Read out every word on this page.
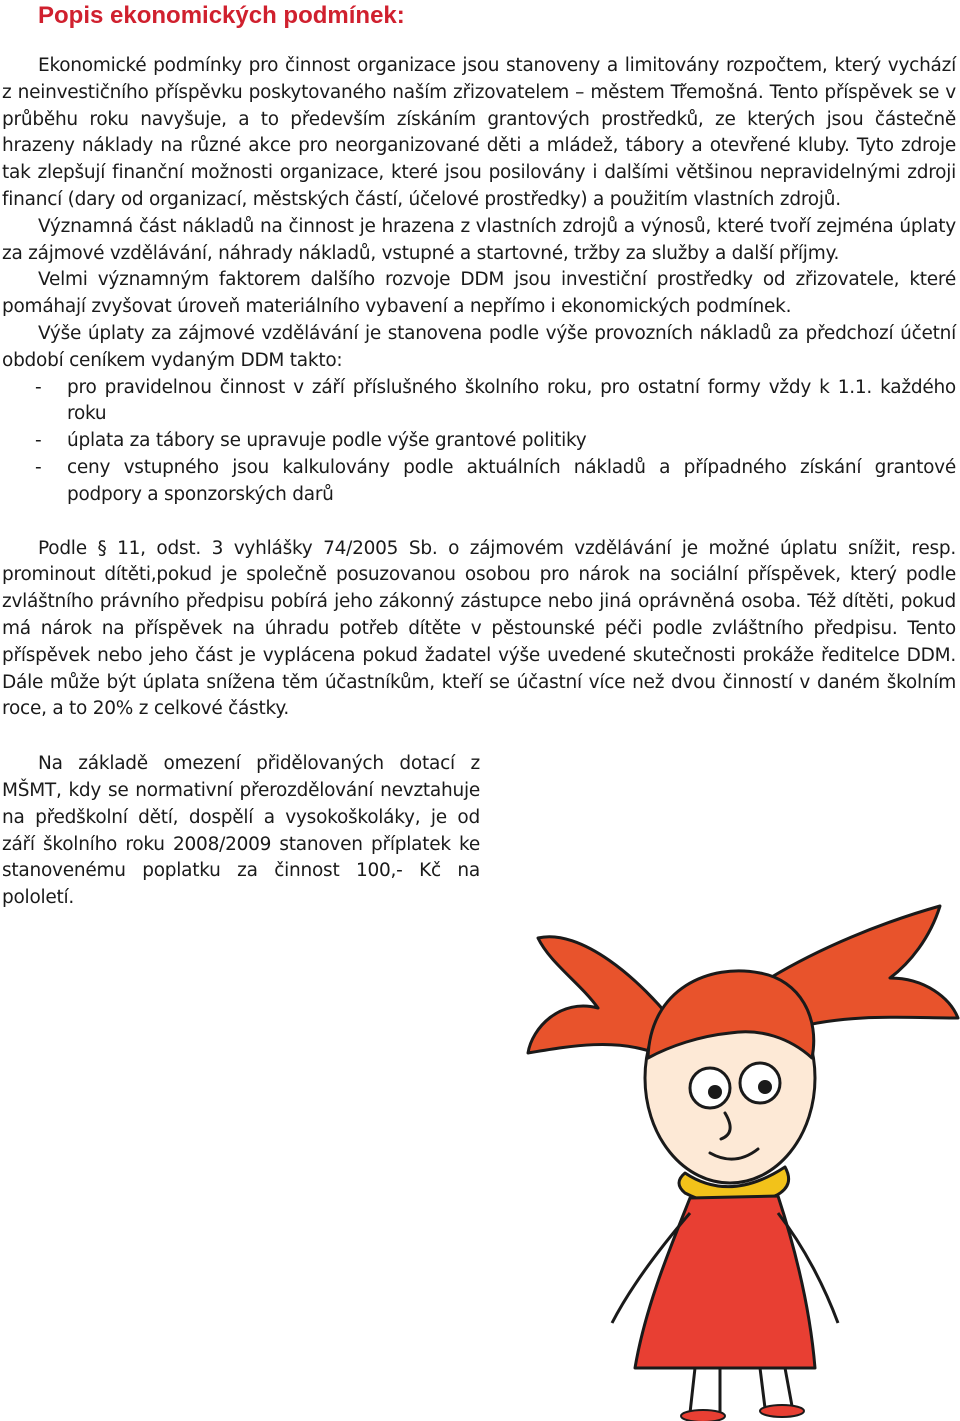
Popis ekonomických podmínek:

Ekonomické podmínky pro činnost organizace jsou stanoveny a limitovány rozpočtem, který vychází z neinvestičního příspěvku poskytovaného naším zřizovatelem – městem Třemošná. Tento příspěvek se v průběhu roku navyšuje, a to především získáním grantových prostředků, ze kterých jsou částečně hrazeny náklady na různé akce pro neorganizované děti a mládež, tábory a otevřené kluby. Tyto zdroje tak zlepšují finanční možnosti organizace, které jsou posilovány i dalšími většinou nepravidelnými zdroji financí (dary od organizací, městských částí, účelové prostředky) a použitím vlastních zdrojů.

Významná část nákladů na činnost je hrazena z vlastních zdrojů a výnosů, které tvoří zejména úplaty za zájmové vzdělávání, náhrady nákladů, vstupné a startovné, tržby za služby a další příjmy.

Velmi významným faktorem dalšího rozvoje DDM jsou investiční prostředky od zřizovatele, které pomáhají zvyšovat úroveň materiálního vybavení a nepřímo i ekonomických podmínek.

Výše úplaty za zájmové vzdělávání je stanovena podle výše provozních nákladů za předchozí účetní období ceníkem vydaným DDM takto:

- pro pravidelnou činnost v září příslušného školního roku, pro ostatní formy vždy k 1.1. každého roku
- úplata za tábory se upravuje podle výše grantové politiky
- ceny vstupného jsou kalkulovány podle aktuálních nákladů a případného získání grantové podpory a sponzorských darů

Podle § 11, odst. 3 vyhlášky 74/2005 Sb. o zájmovém vzdělávání je možné úplatu snížit, resp. prominout dítěti,pokud je společně posuzovanou osobou pro nárok na sociální příspěvek, který podle zvláštního právního předpisu pobírá jeho zákonný zástupce nebo jiná oprávněná osoba. Též dítěti, pokud má nárok na příspěvek na úhradu potřeb dítěte v pěstounské péči podle zvláštního předpisu. Tento příspěvek nebo jeho část je vyplácena pokud žadatel výše uvedené skutečnosti prokáže ředitelce DDM. Dále může být úplata snížena těm účastníkům, kteří se účastní více než dvou činností v daném školním roce, a to 20% z celkové částky.

Na základě omezení přidělovaných dotací z MŠMT, kdy se normativní přerozdělování nevztahuje na předškolní dětí, dospělí a vysokoškoláky, je od září školního roku 2008/2009 stanoven příplatek ke stanovenému poplatku za činnost 100,- Kč na pololetí.
